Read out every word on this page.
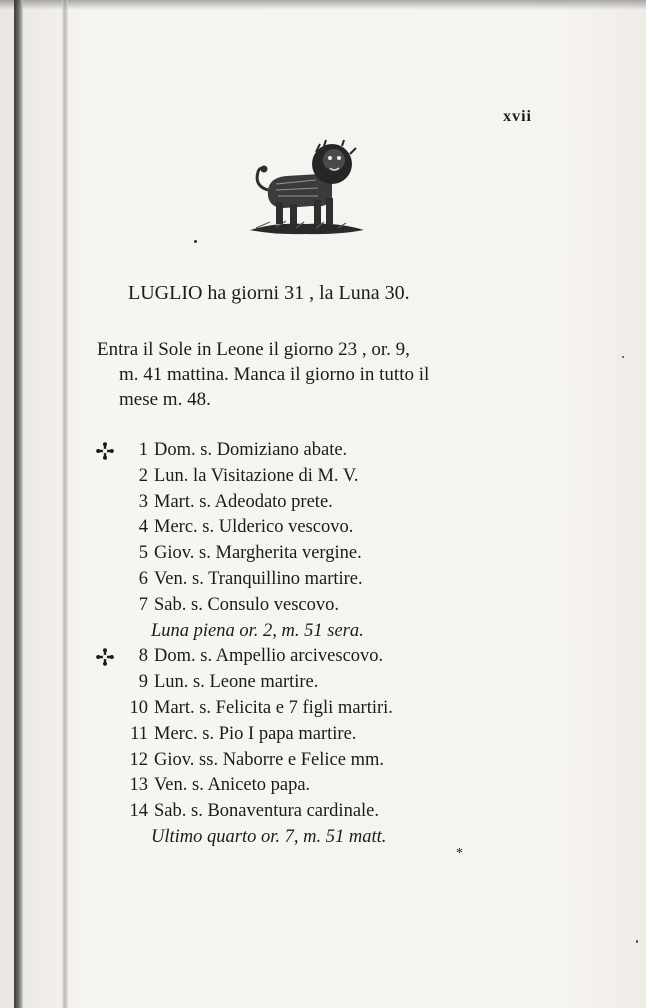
xvii
LUGLIO ha giorni 31 , la Luna 30.
Entra il Sole in Leone il giorno 23 , or. 9,
m. 41 mattina. Manca il giorno in tutto il
mese m. 48.
1 Dom. s. Domiziano abate.
2 Lun. la Visitazione di M. V.
3 Mart. s. Adeodato prete.
4 Merc. s. Ulderico vescovo.
5 Giov. s. Margherita vergine.
6 Ven. s. Tranquillino martire.
7 Sab. s. Consulo vescovo.
Luna piena or. 2, m. 51 sera.
8 Dom. s. Ampellio arcivescovo.
9 Lun. s. Leone martire.
10 Mart. s. Felicita e 7 figli martiri.
11 Merc. s. Pio I papa martire.
12 Giov. ss. Naborre e Felice mm.
13 Ven. s. Aniceto papa.
14 Sab. s. Bonaventura cardinale.
Ultimo quarto or. 7, m. 51 matt.
*
